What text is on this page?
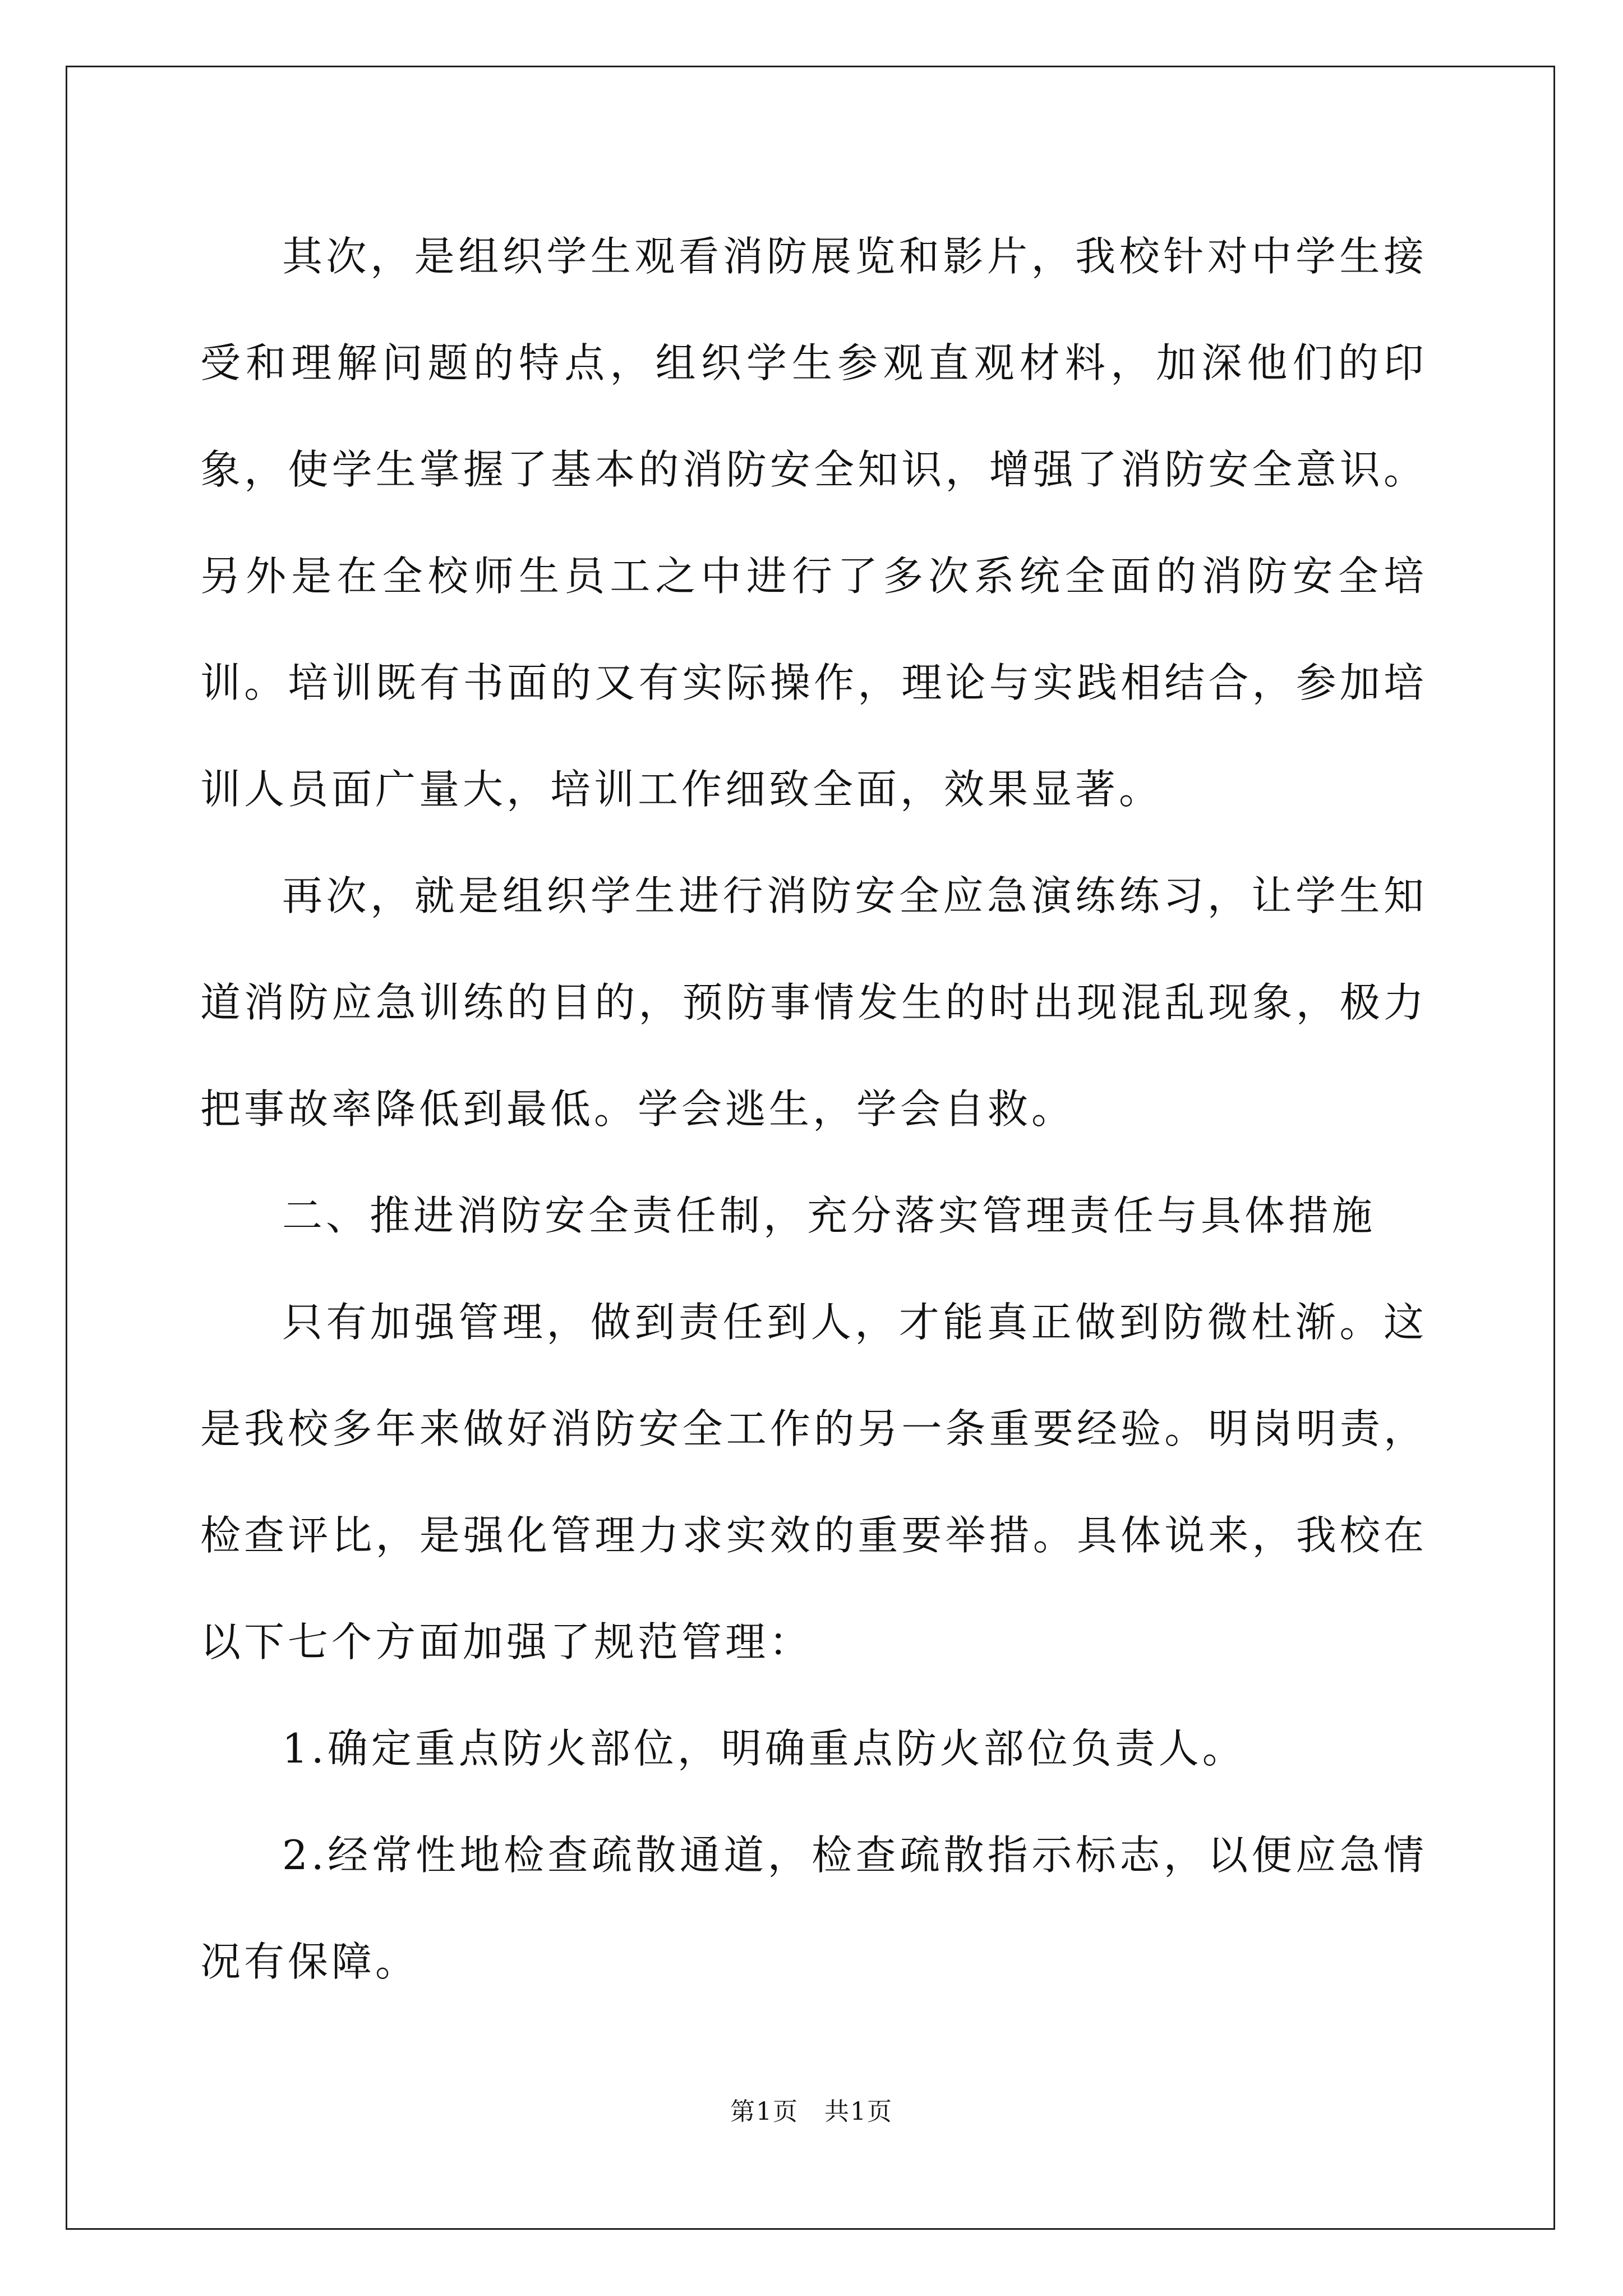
其次，是组织学生观看消防展览和影片，我校针对中学生接受和理解问题的特点，组织学生参观直观材料，加深他们的印象，使学生掌握了基本的消防安全知识，增强了消防安全意识。另外是在全校师生员工之中进行了多次系统全面的消防安全培训。培训既有书面的又有实际操作，理论与实践相结合，参加培训人员面广量大，培训工作细致全面，效果显著。

再次，就是组织学生进行消防安全应急演练练习，让学生知道消防应急训练的目的，预防事情发生的时出现混乱现象，极力把事故率降低到最低。学会逃生，学会自救。

二、推进消防安全责任制，充分落实管理责任与具体措施

只有加强管理，做到责任到人，才能真正做到防微杜渐。这是我校多年来做好消防安全工作的另一条重要经验。明岗明责，检查评比，是强化管理力求实效的重要举措。具体说来，我校在以下七个方面加强了规范管理：

1.确定重点防火部位，明确重点防火部位负责人。

2.经常性地检查疏散通道，检查疏散指示标志，以便应急情况有保障。

第1页　共1页
